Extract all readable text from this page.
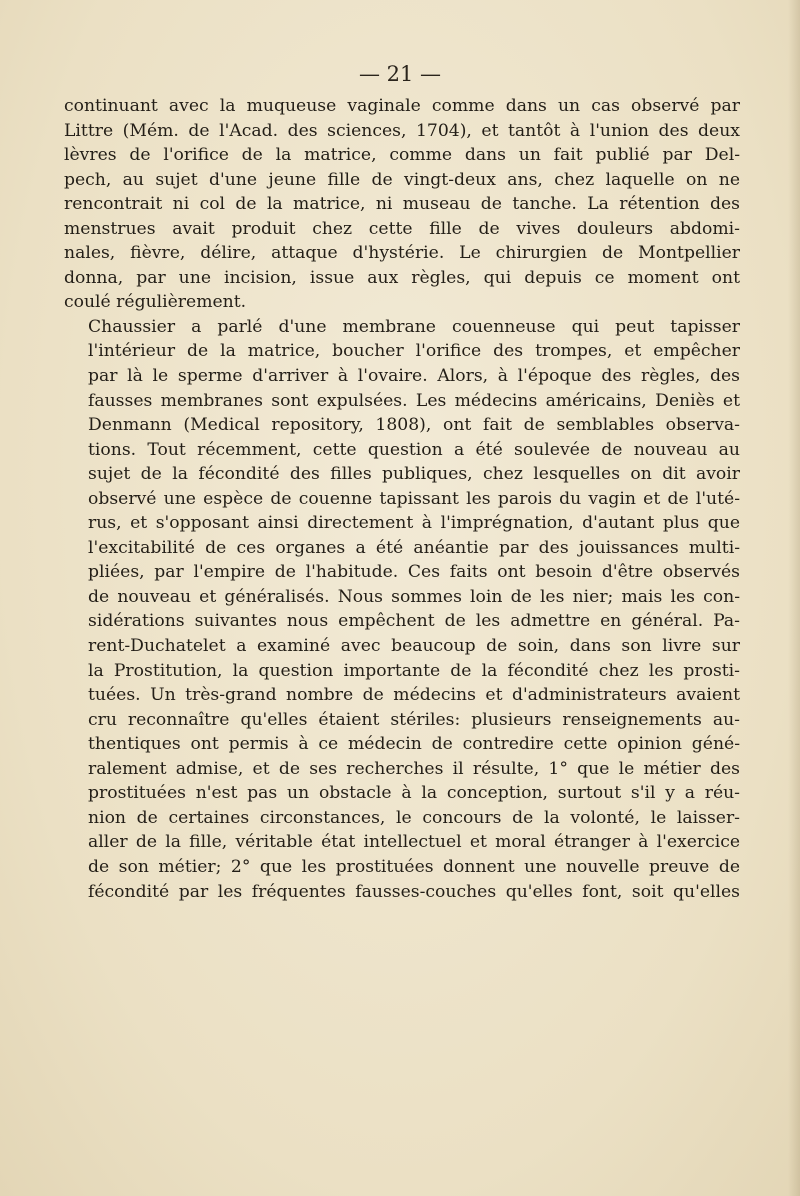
— 21 —

continuant avec la muqueuse vaginale comme dans un cas observé par
Littre (Mém. de l'Acad. des sciences, 1704), et tantôt à l'union des deux
lèvres de l'orifice de la matrice, comme dans un fait publié par Del-
pech, au sujet d'une jeune fille de vingt-deux ans, chez laquelle on ne
rencontrait ni col de la matrice, ni museau de tanche. La rétention des
menstrues avait produit chez cette fille de vives douleurs abdomi-
nales, fièvre, délire, attaque d'hystérie. Le chirurgien de Montpellier
donna, par une incision, issue aux règles, qui depuis ce moment ont
coulé régulièrement.

Chaussier a parlé d'une membrane couenneuse qui peut tapisser
l'intérieur de la matrice, boucher l'orifice des trompes, et empêcher
par là le sperme d'arriver à l'ovaire. Alors, à l'époque des règles, des
fausses membranes sont expulsées. Les médecins américains, Deniès et
Denmann (Medical repository, 1808), ont fait de semblables observa-
tions. Tout récemment, cette question a été soulevée de nouveau au
sujet de la fécondité des filles publiques, chez lesquelles on dit avoir
observé une espèce de couenne tapissant les parois du vagin et de l'uté-
rus, et s'opposant ainsi directement à l'imprégnation, d'autant plus que
l'excitabilité de ces organes a été anéantie par des jouissances multi-
pliées, par l'empire de l'habitude. Ces faits ont besoin d'être observés
de nouveau et généralisés. Nous sommes loin de les nier; mais les con-
sidérations suivantes nous empêchent de les admettre en général. Pa-
rent-Duchatelet a examiné avec beaucoup de soin, dans son livre sur
la Prostitution, la question importante de la fécondité chez les prosti-
tuées. Un très-grand nombre de médecins et d'administrateurs avaient
cru reconnaître qu'elles étaient stériles: plusieurs renseignements au-
thentiques ont permis à ce médecin de contredire cette opinion géné-
ralement admise, et de ses recherches il résulte, 1° que le métier des
prostituées n'est pas un obstacle à la conception, surtout s'il y a réu-
nion de certaines circonstances, le concours de la volonté, le laisser-
aller de la fille, véritable état intellectuel et moral étranger à l'exercice
de son métier; 2° que les prostituées donnent une nouvelle preuve de
fécondité par les fréquentes fausses-couches qu'elles font, soit qu'elles
